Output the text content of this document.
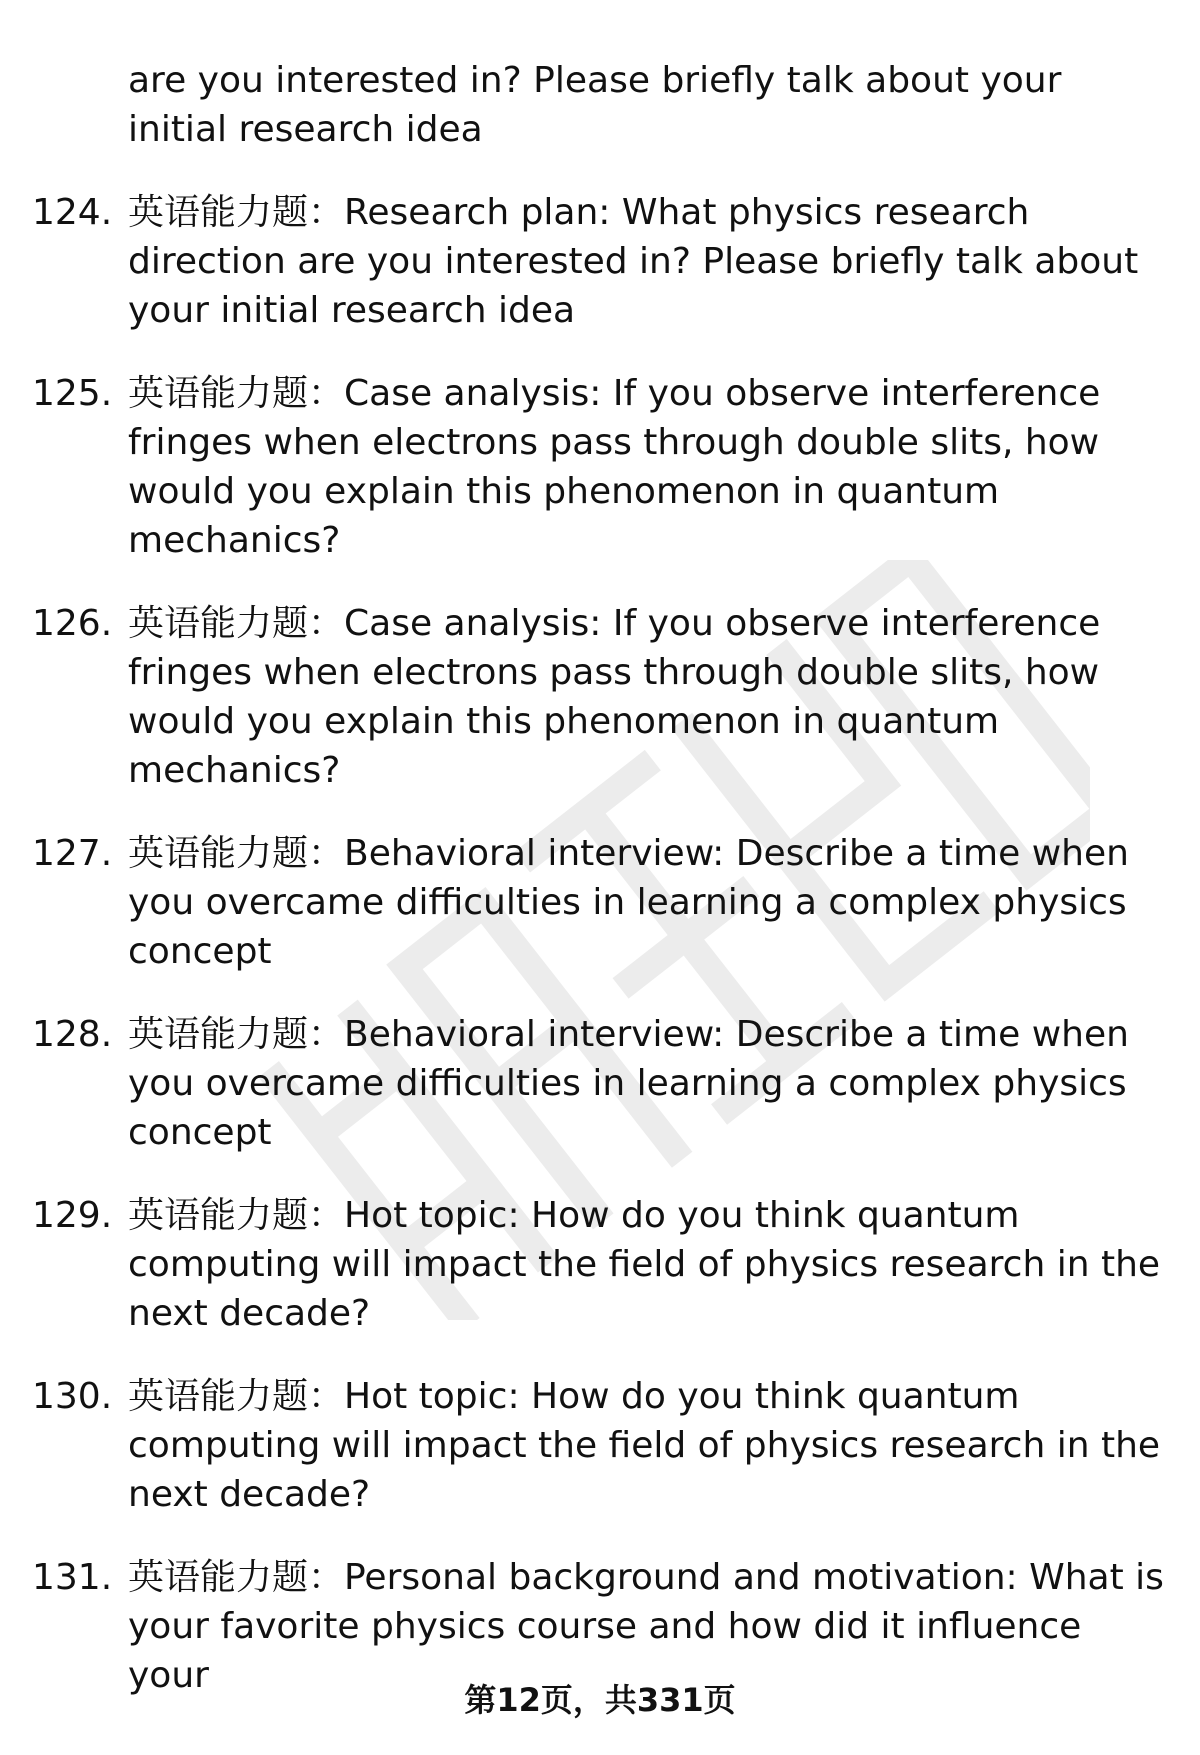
are you interested in? Please briefly talk about your initial research idea
124. 英语能力题：Research plan: What physics research direction are you interested in? Please briefly talk about your initial research idea
125. 英语能力题：Case analysis: If you observe interference fringes when electrons pass through double slits, how would you explain this phenomenon in quantum mechanics?
126. 英语能力题：Case analysis: If you observe interference fringes when electrons pass through double slits, how would you explain this phenomenon in quantum mechanics?
127. 英语能力题：Behavioral interview: Describe a time when you overcame difficulties in learning a complex physics concept
128. 英语能力题：Behavioral interview: Describe a time when you overcame difficulties in learning a complex physics concept
129. 英语能力题：Hot topic: How do you think quantum computing will impact the field of physics research in the next decade?
130. 英语能力题：Hot topic: How do you think quantum computing will impact the field of physics research in the next decade?
131. 英语能力题：Personal background and motivation: What is your favorite physics course and how did it influence your
第12页，共331页
